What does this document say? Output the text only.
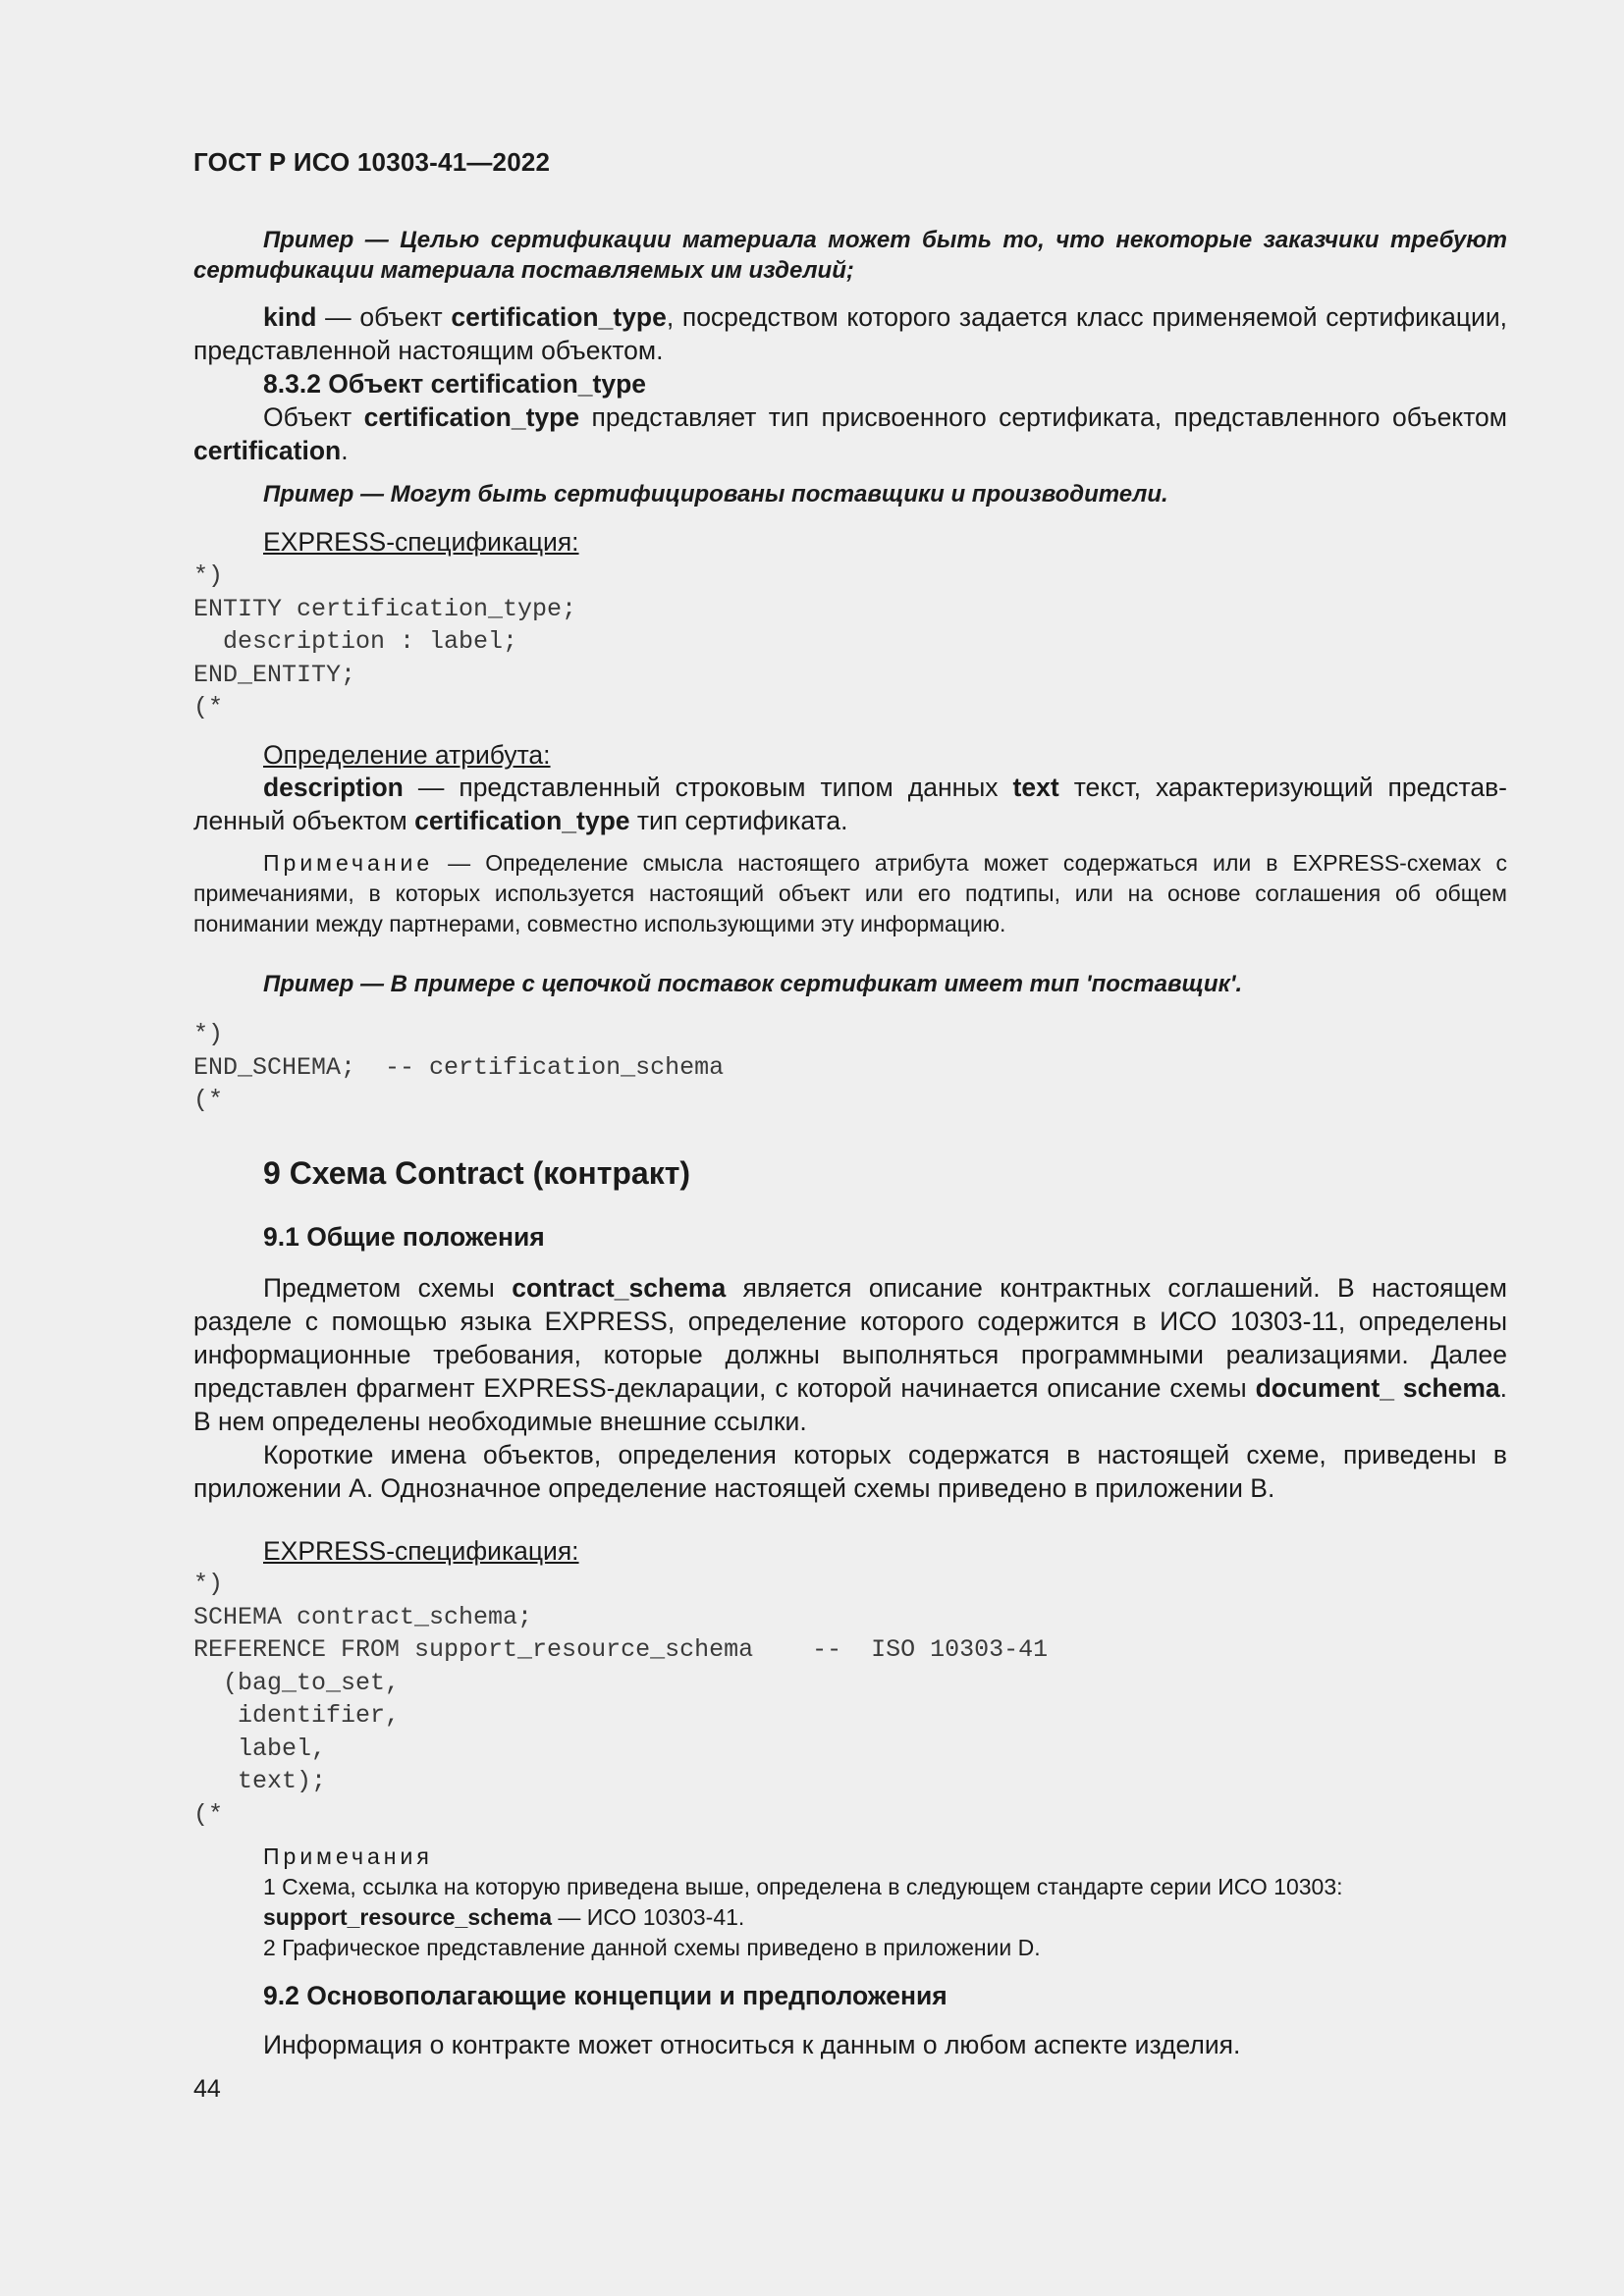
ГОСТ Р ИСО 10303-41—2022

Пример — Целью сертификации материала может быть то, что некоторые заказчики требуют сертификации материала поставляемых им изделий;

kind — объект certification_type, посредством которого задается класс применяемой сертификации, представленной настоящим объектом.

8.3.2 Объект certification_type

Объект certification_type представляет тип присвоенного сертификата, представленного объектом certification.

Пример — Могут быть сертифицированы поставщики и производители.

EXPRESS-спецификация:

*)
ENTITY certification_type;
description : label;
END_ENTITY;
(*

Определение атрибута:

description — представленный строковым типом данных text текст, характеризующий представленный объектом certification_type тип сертификата.

Примечание — Определение смысла настоящего атрибута может содержаться или в EXPRESS-схемах с примечаниями, в которых используется настоящий объект или его подтипы, или на основе соглашения об общем понимании между партнерами, совместно использующими эту информацию.

Пример — В примере с цепочкой поставок сертификат имеет тип 'поставщик'.

*)
END_SCHEMA;  -- certification_schema
(*

9 Схема Contract (контракт)

9.1 Общие положения

Предметом схемы contract_schema является описание контрактных соглашений. В настоящем разделе с помощью языка EXPRESS, определение которого содержится в ИСО 10303-11, определены информационные требования, которые должны выполняться программными реализациями. Далее представлен фрагмент EXPRESS-декларации, с которой начинается описание схемы document_ schema. В нем определены необходимые внешние ссылки.

Короткие имена объектов, определения которых содержатся в настоящей схеме, приведены в приложении А. Однозначное определение настоящей схемы приведено в приложении В.

EXPRESS-спецификация:

*)
SCHEMA contract_schema;
REFERENCE FROM support_resource_schema    --  ISO 10303-41
(bag_to_set,
identifier,
label,
text);
(*

Примечания

1 Схема, ссылка на которую приведена выше, определена в следующем стандарте серии ИСО 10303:

support_resource_schema — ИСО 10303-41.

2 Графическое представление данной схемы приведено в приложении D.

9.2 Основополагающие концепции и предположения

Информация о контракте может относиться к данным о любом аспекте изделия.

44
